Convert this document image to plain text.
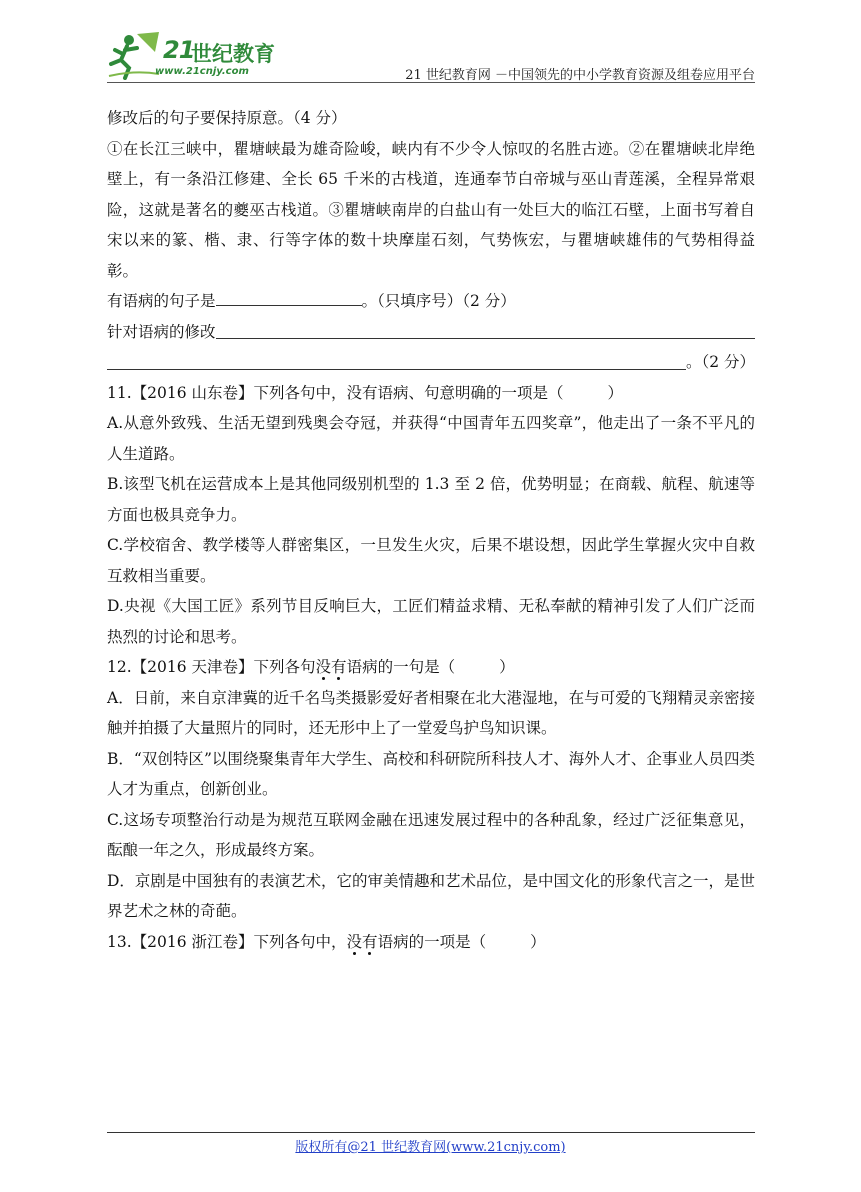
21
世纪教育
www.21cnjy.com	21 世纪教育网 －中国领先的中小学教育资源及组卷应用平台

修改后的句子要保持原意。（4 分）

①在长江三峡中，瞿塘峡最为雄奇险峻，峡内有不少令人惊叹的名胜古迹。②在瞿塘峡北岸绝壁上，有一条沿江修建、全长 65 千米的古栈道，连通奉节白帝城与巫山青莲溪，全程异常艰险，这就是著名的夔巫古栈道。③瞿塘峡南岸的白盐山有一处巨大的临江石壁，上面书写着自宋以来的篆、楷、隶、行等字体的数十块摩崖石刻，气势恢宏，与瞿塘峡雄伟的气势相得益彰。

有语病的句子是	。（只填序号）（2 分）

针对语病的修改

。（2 分）

11.【2016 山东卷】下列各句中，没有语病、句意明确的一项是（	）

A.从意外致残、生活无望到残奥会夺冠，并获得“中国青年五四奖章”，他走出了一条不平凡的人生道路。

B.该型飞机在运营成本上是其他同级别机型的 1.3 至 2 倍，优势明显；在商载、航程、航速等方面也极具竞争力。

C.学校宿舍、教学楼等人群密集区，一旦发生火灾，后果不堪设想，因此学生掌握火灾中自救互救相当重要。

D.央视《大国工匠》系列节目反响巨大，工匠们精益求精、无私奉献的精神引发了人们广泛而热烈的讨论和思考。

12.【2016 天津卷】下列各句没有语病的一句是（	）

A．日前，来自京津冀的近千名鸟类摄影爱好者相聚在北大港湿地，在与可爱的飞翔精灵亲密接触并拍摄了大量照片的同时，还无形中上了一堂爱鸟护鸟知识课。

B．“双创特区”以围绕聚集青年大学生、高校和科研院所科技人才、海外人才、企事业人员四类人才为重点，创新创业。

C.这场专项整治行动是为规范互联网金融在迅速发展过程中的各种乱象，经过广泛征集意见，酝酿一年之久，形成最终方案。

D．京剧是中国独有的表演艺术，它的审美情趣和艺术品位，是中国文化的形象代言之一，是世界艺术之林的奇葩。

13.【2016 浙江卷】下列各句中，没有语病的一项是（	）

版权所有@21 世纪教育网(www.21cnjy.com)
